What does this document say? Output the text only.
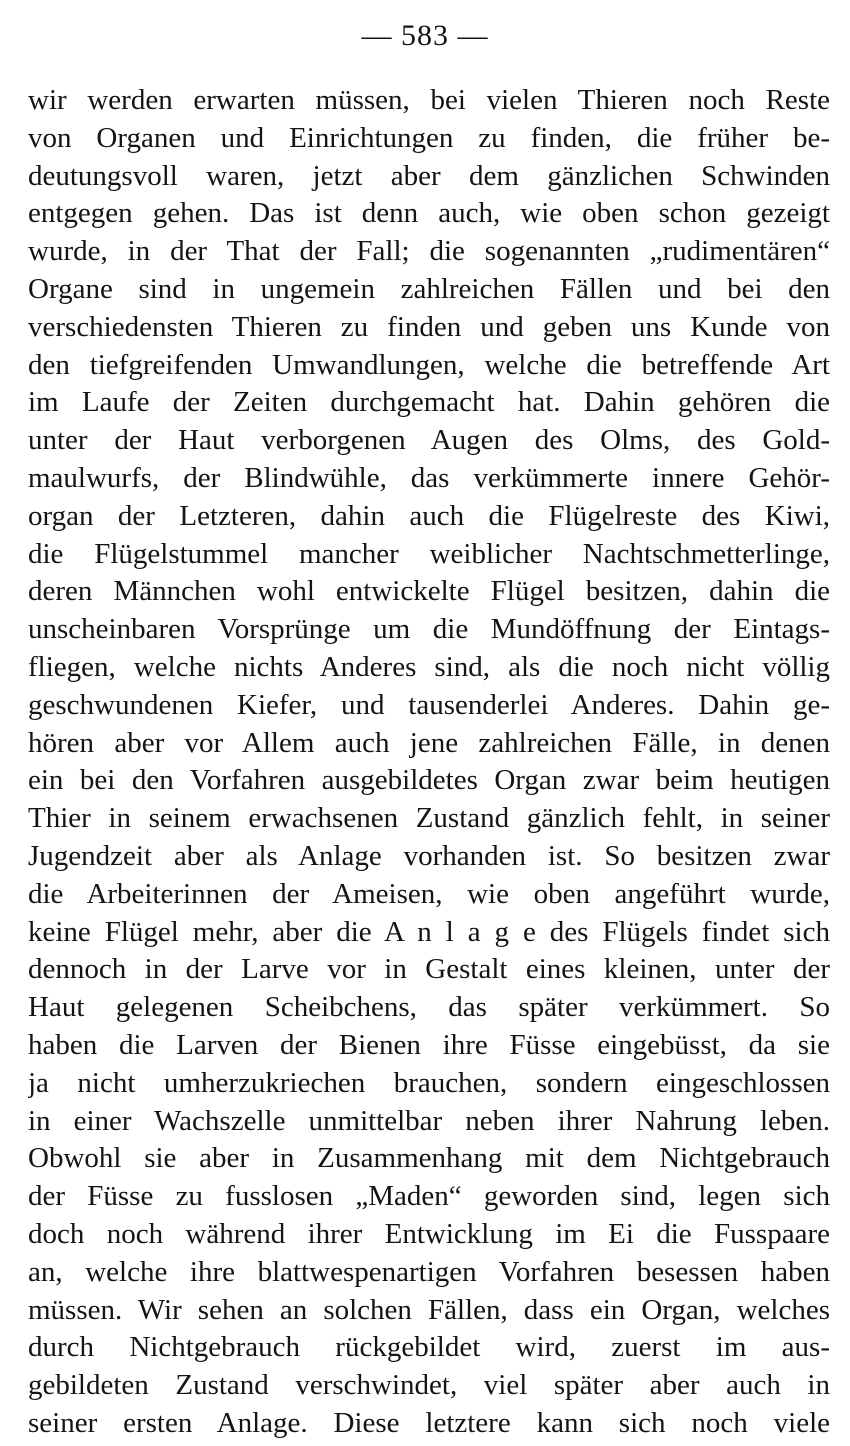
— 583 —
wir werden erwarten müssen, bei vielen Thieren noch Reste
von Organen und Einrichtungen zu finden, die früher be-
deutungsvoll waren, jetzt aber dem gänzlichen Schwinden
entgegen gehen. Das ist denn auch, wie oben schon gezeigt
wurde, in der That der Fall; die sogenannten „rudimentären“
Organe sind in ungemein zahlreichen Fällen und bei den
verschiedensten Thieren zu finden und geben uns Kunde von
den tiefgreifenden Umwandlungen, welche die betreffende Art
im Laufe der Zeiten durchgemacht hat. Dahin gehören die
unter der Haut verborgenen Augen des Olms, des Gold-
maulwurfs, der Blindwühle, das verkümmerte innere Gehör-
organ der Letzteren, dahin auch die Flügelreste des Kiwi,
die Flügelstummel mancher weiblicher Nachtschmetterlinge,
deren Männchen wohl entwickelte Flügel besitzen, dahin die
unscheinbaren Vorsprünge um die Mundöffnung der Eintags-
fliegen, welche nichts Anderes sind, als die noch nicht völlig
geschwundenen Kiefer, und tausenderlei Anderes. Dahin ge-
hören aber vor Allem auch jene zahlreichen Fälle, in denen
ein bei den Vorfahren ausgebildetes Organ zwar beim heutigen
Thier in seinem erwachsenen Zustand gänzlich fehlt, in seiner
Jugendzeit aber als Anlage vorhanden ist. So besitzen zwar
die Arbeiterinnen der Ameisen, wie oben angeführt wurde,
keine Flügel mehr, aber die A n l a g e des Flügels findet sich
dennoch in der Larve vor in Gestalt eines kleinen, unter der
Haut gelegenen Scheibchens, das später verkümmert. So
haben die Larven der Bienen ihre Füsse eingebüsst, da sie
ja nicht umherzukriechen brauchen, sondern eingeschlossen
in einer Wachszelle unmittelbar neben ihrer Nahrung leben.
Obwohl sie aber in Zusammenhang mit dem Nichtgebrauch
der Füsse zu fusslosen „Maden“ geworden sind, legen sich
doch noch während ihrer Entwicklung im Ei die Fusspaare
an, welche ihre blattwespenartigen Vorfahren besessen haben
müssen. Wir sehen an solchen Fällen, dass ein Organ, welches
durch Nichtgebrauch rückgebildet wird, zuerst im aus-
gebildeten Zustand verschwindet, viel später aber auch in
seiner ersten Anlage. Diese letztere kann sich noch viele
